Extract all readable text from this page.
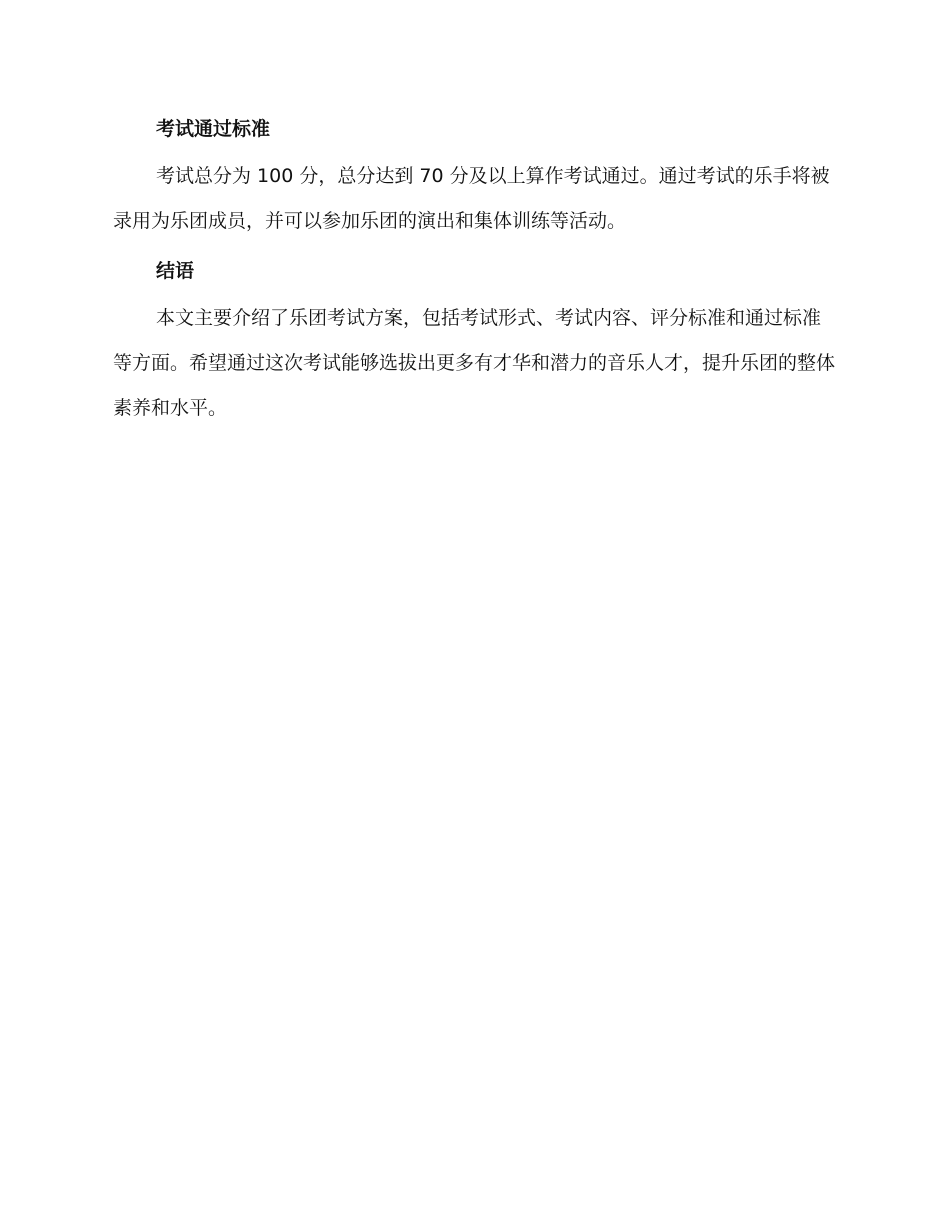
考试通过标准

考试总分为 100 分，总分达到 70 分及以上算作考试通过。通过考试的乐手将被录用为乐团成员，并可以参加乐团的演出和集体训练等活动。

结语

本文主要介绍了乐团考试方案，包括考试形式、考试内容、评分标准和通过标准等方面。希望通过这次考试能够选拔出更多有才华和潜力的音乐人才，提升乐团的整体素养和水平。
